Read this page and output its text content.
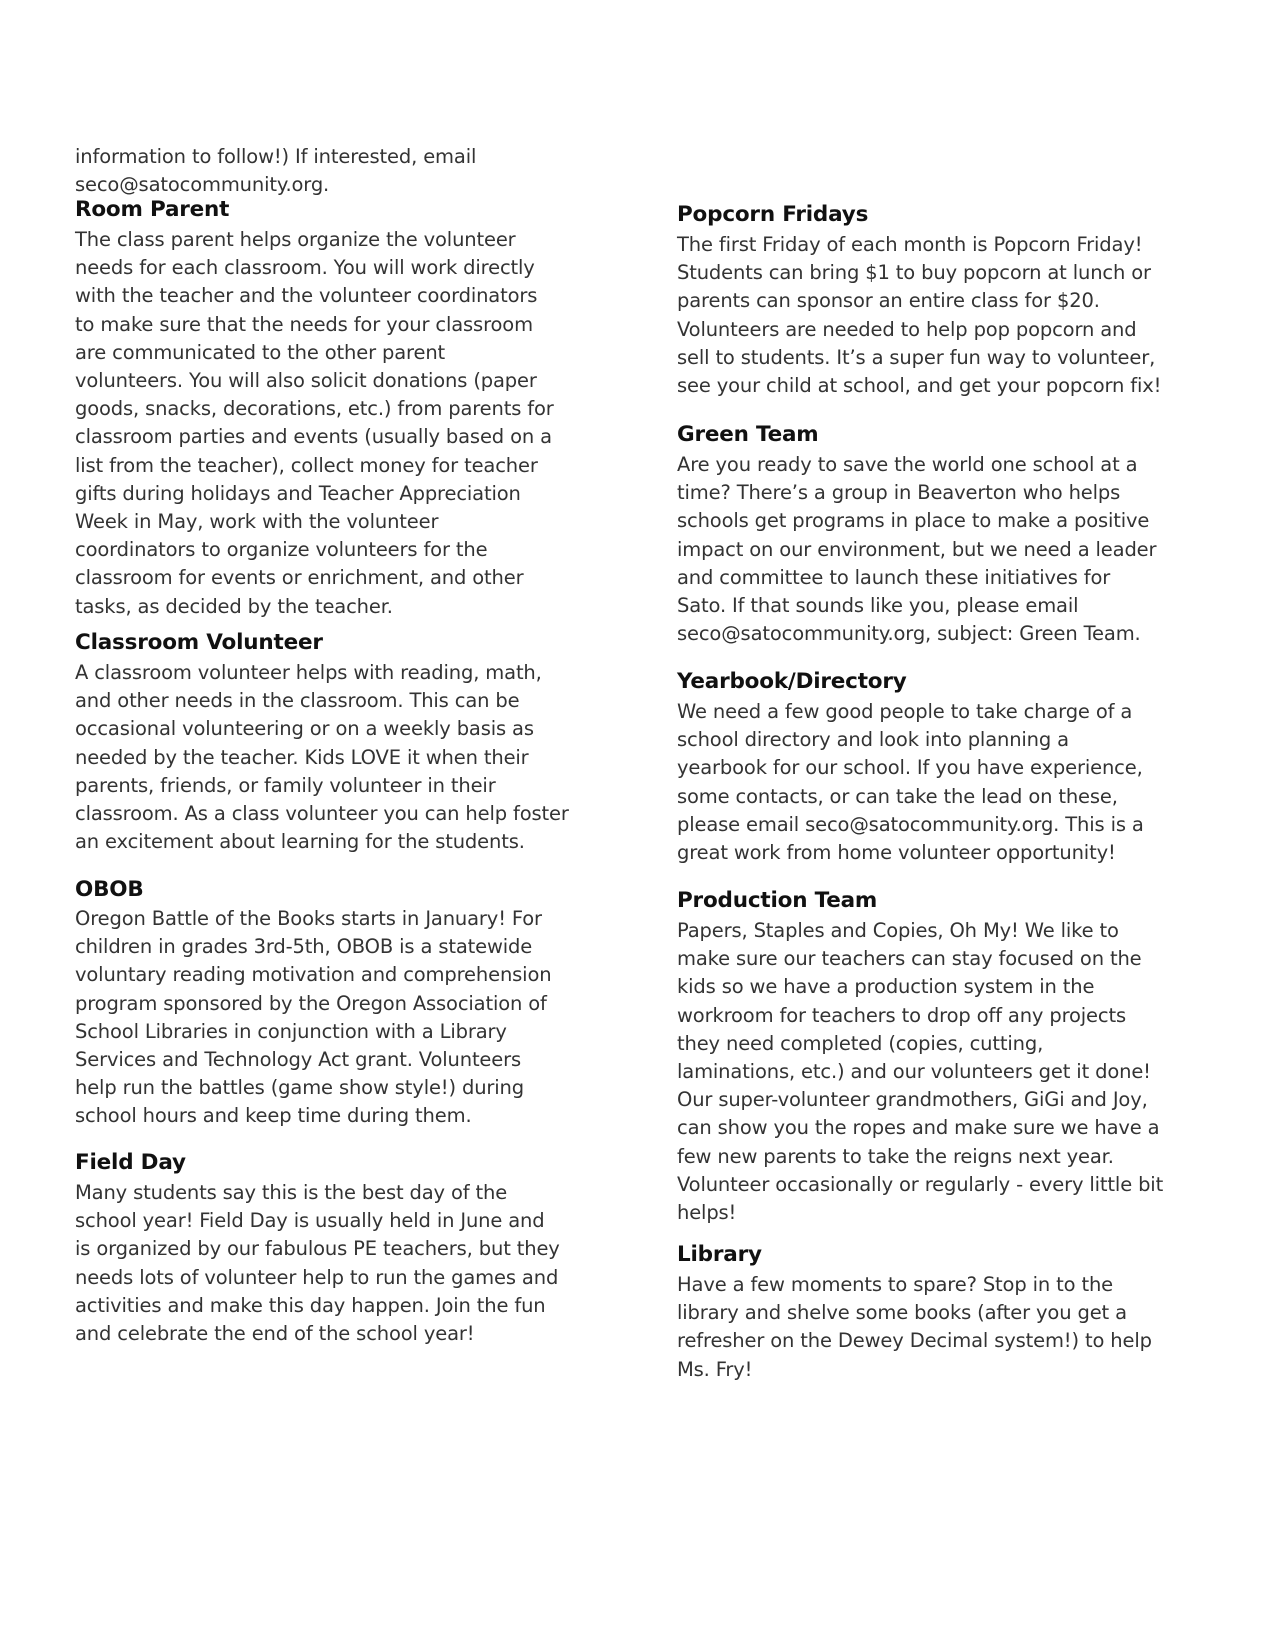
information to follow!) If interested, email
seco@satocommunity.org.

Room Parent

The class parent helps organize the volunteer
needs for each classroom. You will work directly
with the teacher and the volunteer coordinators
to make sure that the needs for your classroom
are communicated to the other parent
volunteers. You will also solicit donations (paper
goods, snacks, decorations, etc.) from parents for
classroom parties and events (usually based on a
list from the teacher), collect money for teacher
gifts during holidays and Teacher Appreciation
Week in May, work with the volunteer
coordinators to organize volunteers for the
classroom for events or enrichment, and other
tasks, as decided by the teacher.

Classroom Volunteer

A classroom volunteer helps with reading, math,
and other needs in the classroom. This can be
occasional volunteering or on a weekly basis as
needed by the teacher. Kids LOVE it when their
parents, friends, or family volunteer in their
classroom. As a class volunteer you can help foster
an excitement about learning for the students.

OBOB

Oregon Battle of the Books starts in January! For
children in grades 3rd-5th, OBOB is a statewide
voluntary reading motivation and comprehension
program sponsored by the Oregon Association of
School Libraries in conjunction with a Library
Services and Technology Act grant. Volunteers
help run the battles (game show style!) during
school hours and keep time during them.

Field Day

Many students say this is the best day of the
school year! Field Day is usually held in June and
is organized by our fabulous PE teachers, but they
needs lots of volunteer help to run the games and
activities and make this day happen. Join the fun
and celebrate the end of the school year!

Popcorn Fridays

The first Friday of each month is Popcorn Friday!
Students can bring $1 to buy popcorn at lunch or
parents can sponsor an entire class for $20.
Volunteers are needed to help pop popcorn and
sell to students. It’s a super fun way to volunteer,
see your child at school, and get your popcorn fix!

Green Team

Are you ready to save the world one school at a
time? There’s a group in Beaverton who helps
schools get programs in place to make a positive
impact on our environment, but we need a leader
and committee to launch these initiatives for
Sato. If that sounds like you, please email
seco@satocommunity.org, subject: Green Team.

Yearbook/Directory

We need a few good people to take charge of a
school directory and look into planning a
yearbook for our school. If you have experience,
some contacts, or can take the lead on these,
please email seco@satocommunity.org. This is a
great work from home volunteer opportunity!

Production Team

Papers, Staples and Copies, Oh My! We like to
make sure our teachers can stay focused on the
kids so we have a production system in the
workroom for teachers to drop off any projects
they need completed (copies, cutting,
laminations, etc.) and our volunteers get it done!
Our super-volunteer grandmothers, GiGi and Joy,
can show you the ropes and make sure we have a
few new parents to take the reigns next year.
Volunteer occasionally or regularly - every little bit
helps!

Library

Have a few moments to spare? Stop in to the
library and shelve some books (after you get a
refresher on the Dewey Decimal system!) to help
Ms. Fry!
